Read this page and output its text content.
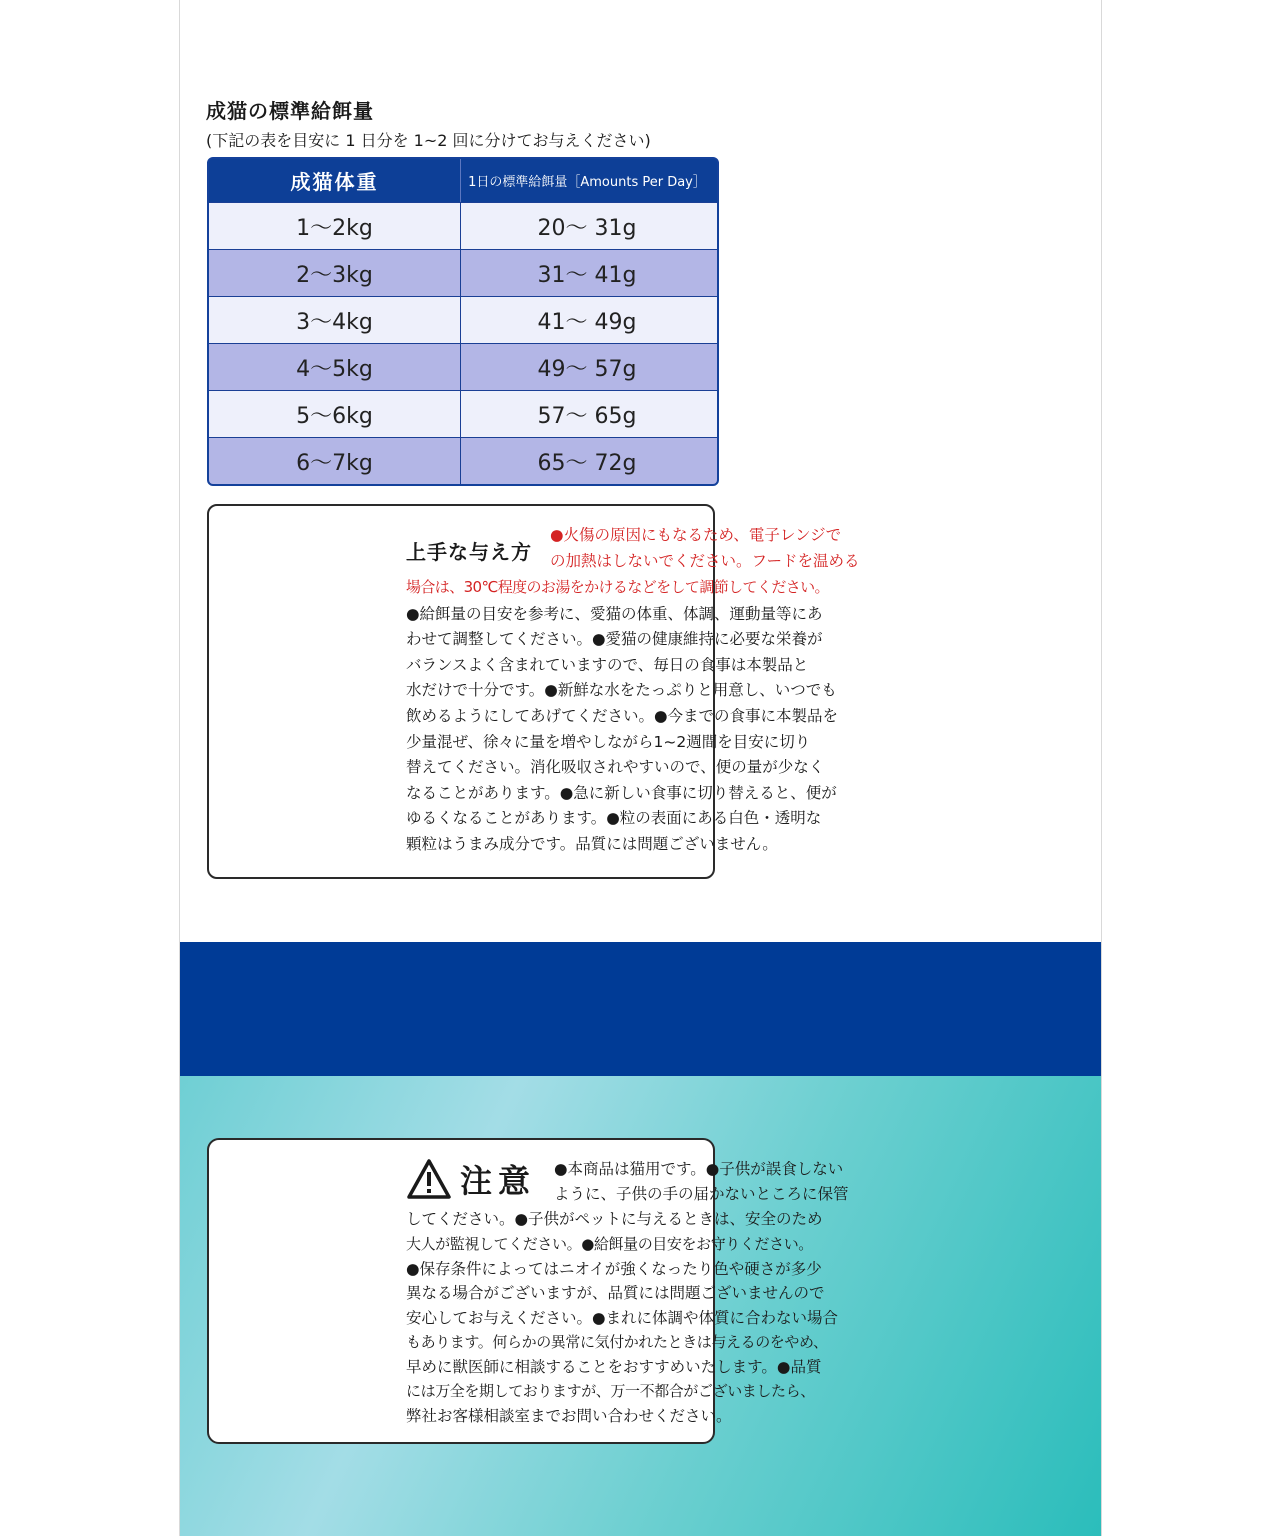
成猫の標準給餌量

(下記の表を目安に 1 日分を 1~2 回に分けてお与えください)

成猫体重	1日の標準給餌量［Amounts Per Day］
1～2kg	20～ 31g
2～3kg	31～ 41g
3～4kg	41～ 49g
4～5kg	49～ 57g
5～6kg	57～ 65g
6～7kg	65～ 72g
上手な与え方

●火傷の原因にもなるため、電子レンジで

の加熱はしないでください。フードを温める

場合は、30℃程度のお湯をかけるなどをして調節してください。

●給餌量の目安を参考に、愛猫の体重、体調、運動量等にあ

わせて調整してください。●愛猫の健康維持に必要な栄養が

バランスよく含まれていますので、毎日の食事は本製品と

水だけで十分です。●新鮮な水をたっぷりと用意し、いつでも

飲めるようにしてあげてください。●今までの食事に本製品を

少量混ぜ、徐々に量を増やしながら1~2週間を目安に切り

替えてください。消化吸収されやすいので、便の量が少なく

なることがあります。●急に新しい食事に切り替えると、便が

ゆるくなることがあります。●粒の表面にある白色・透明な

顆粒はうまみ成分です。品質には問題ございません。

注意 ●本商品は猫用です。●子供が誤食しない

ように、子供の手の届かないところに保管

してください。●子供がペットに与えるときは、安全のため

大人が監視してください。●給餌量の目安をお守りください。

●保存条件によってはニオイが強くなったり色や硬さが多少

異なる場合がございますが、品質には問題ございませんので

安心してお与えください。●まれに体調や体質に合わない場合

もあります。何らかの異常に気付かれたときは与えるのをやめ、

早めに獣医師に相談することをおすすめいたします。●品質

には万全を期しておりますが、万一不都合がございましたら、

弊社お客様相談室までお問い合わせください。
